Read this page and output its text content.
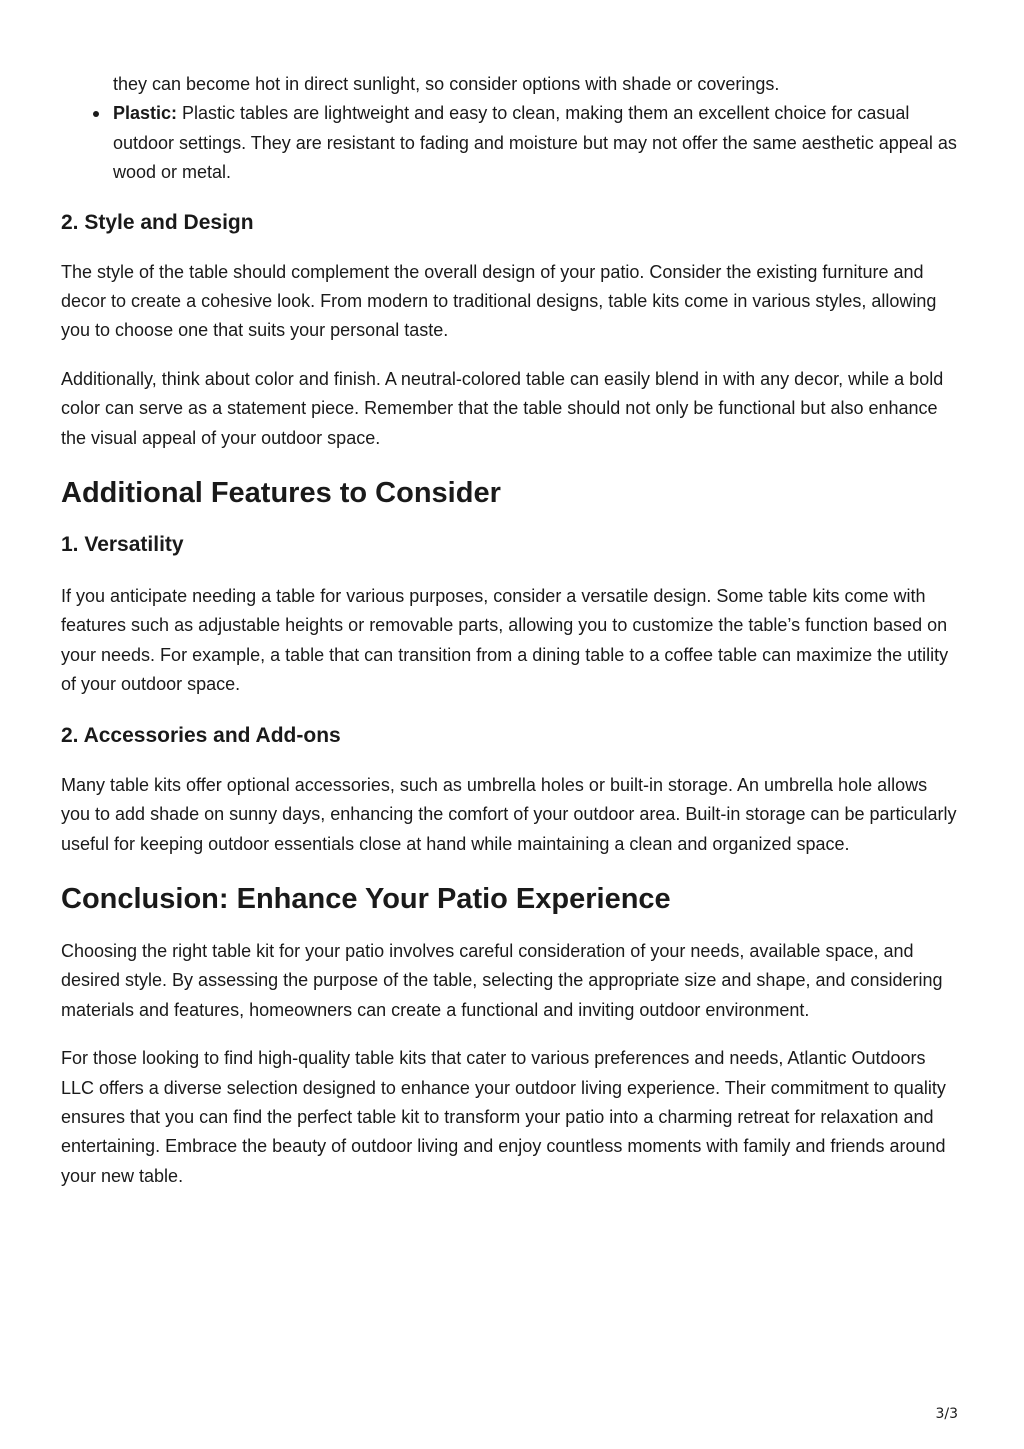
they can become hot in direct sunlight, so consider options with shade or coverings.

Plastic: Plastic tables are lightweight and easy to clean, making them an excellent choice for casual outdoor settings. They are resistant to fading and moisture but may not offer the same aesthetic appeal as wood or metal.
2. Style and Design

The style of the table should complement the overall design of your patio. Consider the existing furniture and decor to create a cohesive look. From modern to traditional designs, table kits come in various styles, allowing you to choose one that suits your personal taste.

Additionally, think about color and finish. A neutral-colored table can easily blend in with any decor, while a bold color can serve as a statement piece. Remember that the table should not only be functional but also enhance the visual appeal of your outdoor space.

Additional Features to Consider
1. Versatility

If you anticipate needing a table for various purposes, consider a versatile design. Some table kits come with features such as adjustable heights or removable parts, allowing you to customize the table’s function based on your needs. For example, a table that can transition from a dining table to a coffee table can maximize the utility of your outdoor space.

2. Accessories and Add-ons

Many table kits offer optional accessories, such as umbrella holes or built-in storage. An umbrella hole allows you to add shade on sunny days, enhancing the comfort of your outdoor area. Built-in storage can be particularly useful for keeping outdoor essentials close at hand while maintaining a clean and organized space.

Conclusion: Enhance Your Patio Experience

Choosing the right table kit for your patio involves careful consideration of your needs, available space, and desired style. By assessing the purpose of the table, selecting the appropriate size and shape, and considering materials and features, homeowners can create a functional and inviting outdoor environment.

For those looking to find high-quality table kits that cater to various preferences and needs, Atlantic Outdoors LLC offers a diverse selection designed to enhance your outdoor living experience. Their commitment to quality ensures that you can find the perfect table kit to transform your patio into a charming retreat for relaxation and entertaining. Embrace the beauty of outdoor living and enjoy countless moments with family and friends around your new table.

3/3
